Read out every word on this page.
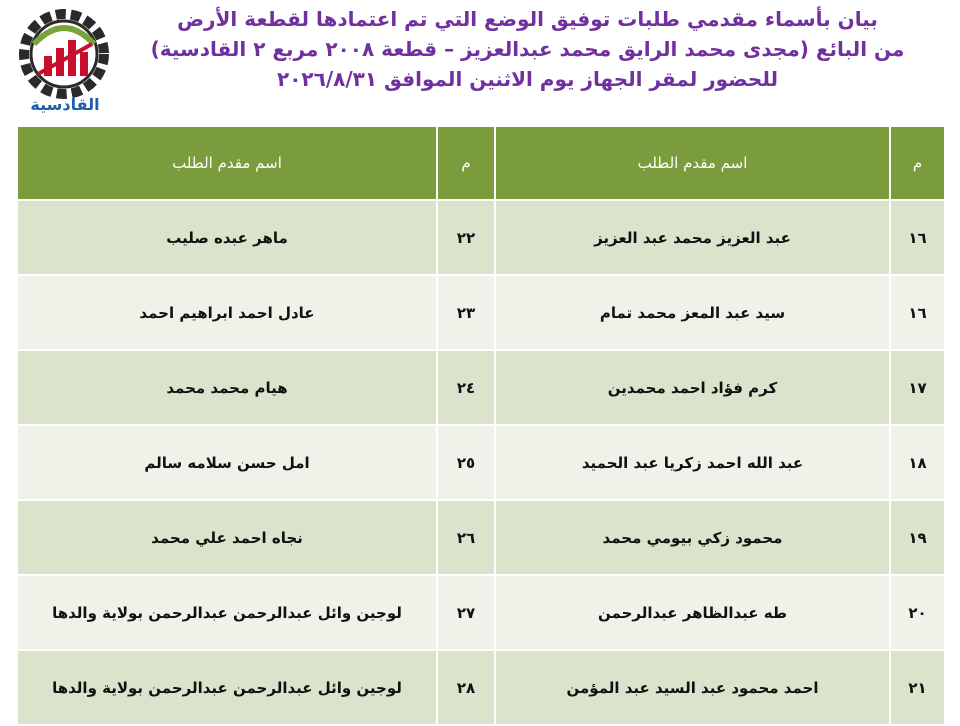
القادسية
بيان بأسماء مقدمي طلبات توفيق الوضع التي تم اعتمادها لقطعة الأرض
من البائع (مجدى محمد الرايق محمد عبدالعزيز – قطعة ٢٠٠٨ مربع ٢ القادسية)
للحضور لمقر الجهاز يوم الاثنين الموافق ٢٠٢٦/٨/٣١
م	اسم مقدم الطلب	م	اسم مقدم الطلب
١٦	عبد العزيز محمد عبد العزيز	٢٢	ماهر عبده صليب
١٦	سيد عبد المعز محمد تمام	٢٣	عادل احمد ابراهيم احمد
١٧	كرم فؤاد احمد محمدين	٢٤	هيام محمد محمد
١٨	عبد الله احمد زكريا عبد الحميد	٢٥	امل حسن سلامه سالم
١٩	محمود زكي بيومي محمد	٢٦	نجاه احمد علي محمد
٢٠	طه عبدالظاهر عبدالرحمن	٢٧	لوجين وائل عبدالرحمن عبدالرحمن بولاية والدها
٢١	احمد محمود عبد السيد عبد المؤمن	٢٨	لوجين وائل عبدالرحمن عبدالرحمن بولاية والدها
